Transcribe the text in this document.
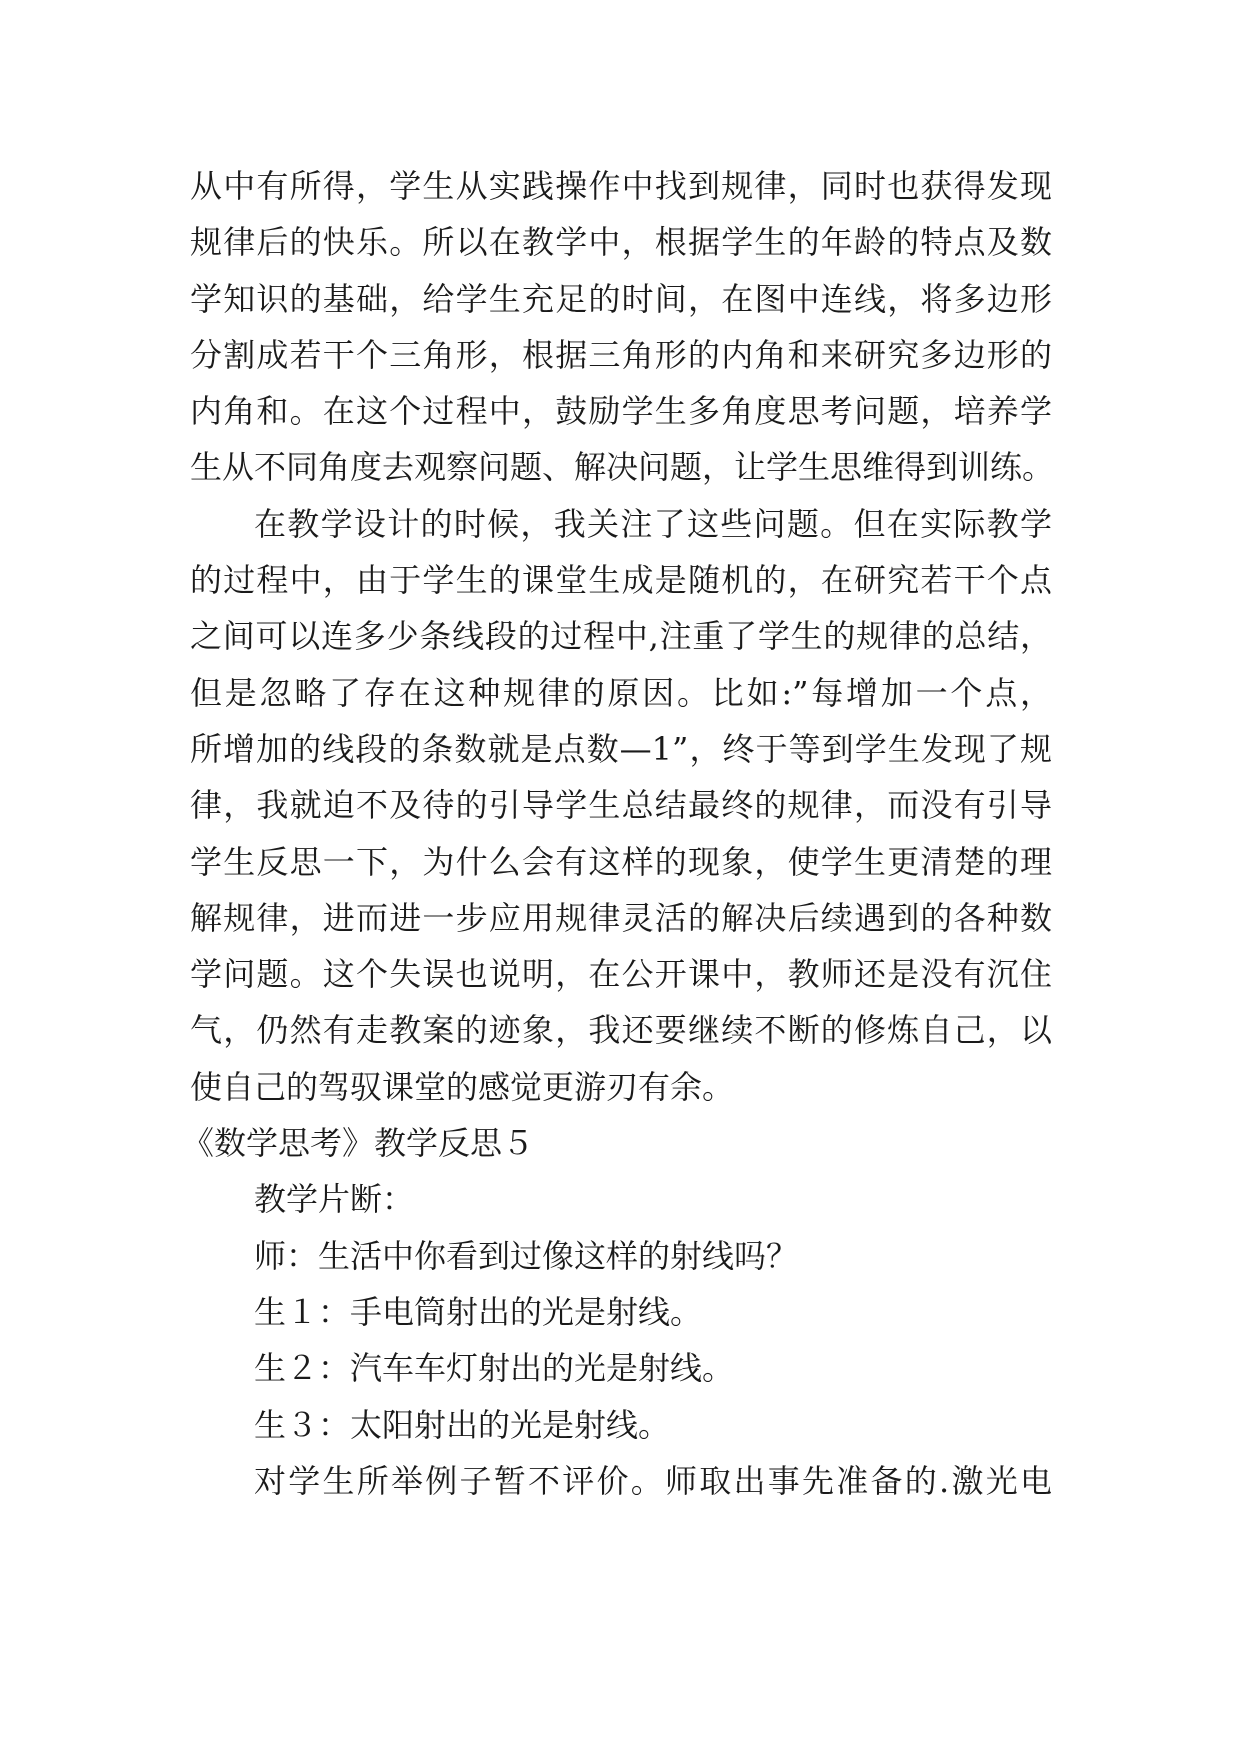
从中有所得，学生从实践操作中找到规律，同时也获得发现
规律后的快乐。所以在教学中，根据学生的年龄的特点及数
学知识的基础，给学生充足的时间，在图中连线，将多边形
分割成若干个三角形，根据三角形的内角和来研究多边形的
内角和。在这个过程中，鼓励学生多角度思考问题，培养学
生从不同角度去观察问题、解决问题，让学生思维得到训练。
在教学设计的时候，我关注了这些问题。但在实际教学
的过程中，由于学生的课堂生成是随机的，在研究若干个点
之间可以连多少条线段的过程中,注重了学生的规律的总结，
但是忽略了存在这种规律的原因。比如:”每增加一个点，
所增加的线段的条数就是点数—1”，终于等到学生发现了规
律，我就迫不及待的引导学生总结最终的规律，而没有引导
学生反思一下，为什么会有这样的现象，使学生更清楚的理
解规律，进而进一步应用规律灵活的解决后续遇到的各种数
学问题。这个失误也说明，在公开课中，教师还是没有沉住
气，仍然有走教案的迹象，我还要继续不断的修炼自己，以
使自己的驾驭课堂的感觉更游刃有余。
《数学思考》教学反思５
教学片断：
师：生活中你看到过像这样的射线吗？
生１：手电筒射出的光是射线。
生２：汽车车灯射出的光是射线。
生３：太阳射出的光是射线。
对学生所举例子暂不评价。师取出事先准备的.激光电
